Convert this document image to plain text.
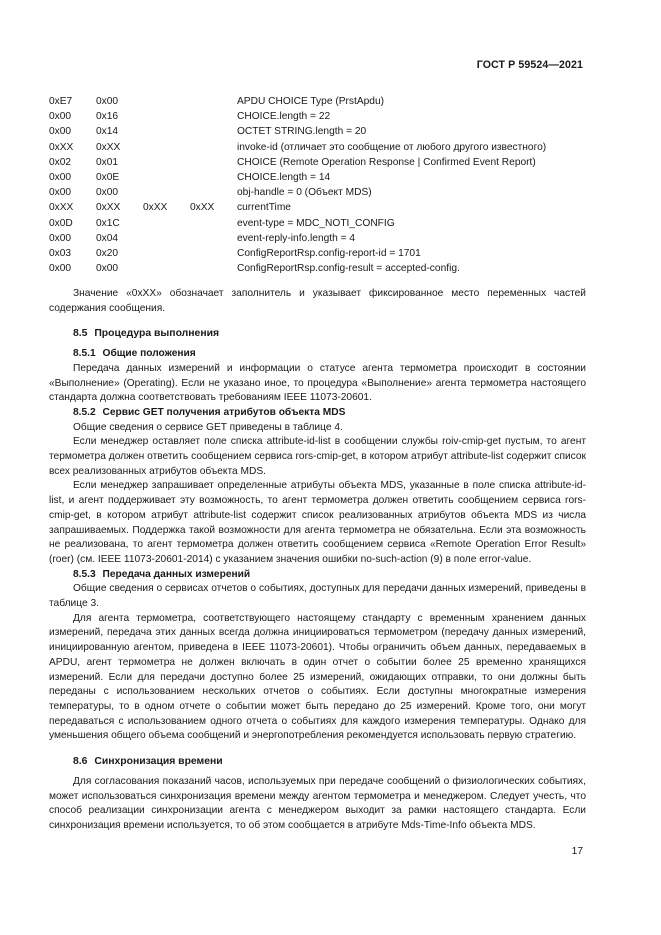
ГОСТ Р 59524—2021
0xE7	0x00			APDU CHOICE Type (PrstApdu)
0x00	0x16			CHOICE.length = 22
0x00	0x14			OCTET STRING.length = 20
0xXX	0xXX			invoke-id (отличает это сообщение от любого другого известного)
0x02	0x01			CHOICE (Remote Operation Response | Confirmed Event Report)
0x00	0x0E			CHOICE.length = 14
0x00	0x00			obj-handle = 0 (Объект MDS)
0xXX	0xXX	0xXX	0xXX	currentTime
0x0D	0x1C			event-type = MDC_NOTI_CONFIG
0x00	0x04			event-reply-info.length = 4
0x03	0x20			ConfigReportRsp.config-report-id = 1701
0x00	0x00			ConfigReportRsp.config-result = accepted-config.

Значение «0xXX» обозначает заполнитель и указывает фиксированное место переменных частей содержания сообщения.

8.5 Процедура выполнения
8.5.1 Общие положения

Передача данных измерений и информации о статусе агента термометра происходит в состоянии «Выполнение» (Operating). Если не указано иное, то процедура «Выполнение» агента термометра настоящего стандарта должна соответствовать требованиям IEEE 11073-20601.

8.5.2 Сервис GET получения атрибутов объекта MDS

Общие сведения о сервисе GET приведены в таблице 4.

Если менеджер оставляет поле списка attribute-id-list в сообщении службы roiv-cmip-get пустым, то агент термометра должен ответить сообщением сервиса rors-cmip-get, в котором атрибут attribute-list содержит список всех реализованных атрибутов объекта MDS.

Если менеджер запрашивает определенные атрибуты объекта MDS, указанные в поле списка attribute-id-list, и агент поддерживает эту возможность, то агент термометра должен ответить сообщением сервиса rors-cmip-get, в котором атрибут attribute-list содержит список реализованных атрибутов объекта MDS из числа запрашиваемых. Поддержка такой возможности для агента термометра не обязательна. Если эта возможность не реализована, то агент термометра должен ответить сообщением сервиса «Remote Operation Error Result» (roer) (см. IEEE 11073-20601-2014) с указанием значения ошибки no-such-action (9) в поле error-value.

8.5.3 Передача данных измерений

Общие сведения о сервисах отчетов о событиях, доступных для передачи данных измерений, приведены в таблице 3.

Для агента термометра, соответствующего настоящему стандарту с временным хранением данных измерений, передача этих данных всегда должна инициироваться термометром (передачу данных измерений, инициированную агентом, приведена в IEEE 11073-20601). Чтобы ограничить объем данных, передаваемых в APDU, агент термометра не должен включать в один отчет о событии более 25 временно хранящихся измерений. Если для передачи доступно более 25 измерений, ожидающих отправки, то они должны быть переданы с использованием нескольких отчетов о событиях. Если доступны многократные измерения температуры, то в одном отчете о событии может быть передано до 25 измерений. Кроме того, они могут передаваться с использованием одного отчета о событиях для каждого измерения температуры. Однако для уменьшения общего объема сообщений и энергопотребления рекомендуется использовать первую стратегию.

8.6 Синхронизация времени

Для согласования показаний часов, используемых при передаче сообщений о физиологических событиях, может использоваться синхронизация времени между агентом термометра и менеджером. Следует учесть, что способ реализации синхронизации агента с менеджером выходит за рамки настоящего стандарта. Если синхронизация времени используется, то об этом сообщается в атрибуте Mds-Time-Info объекта MDS.

17
